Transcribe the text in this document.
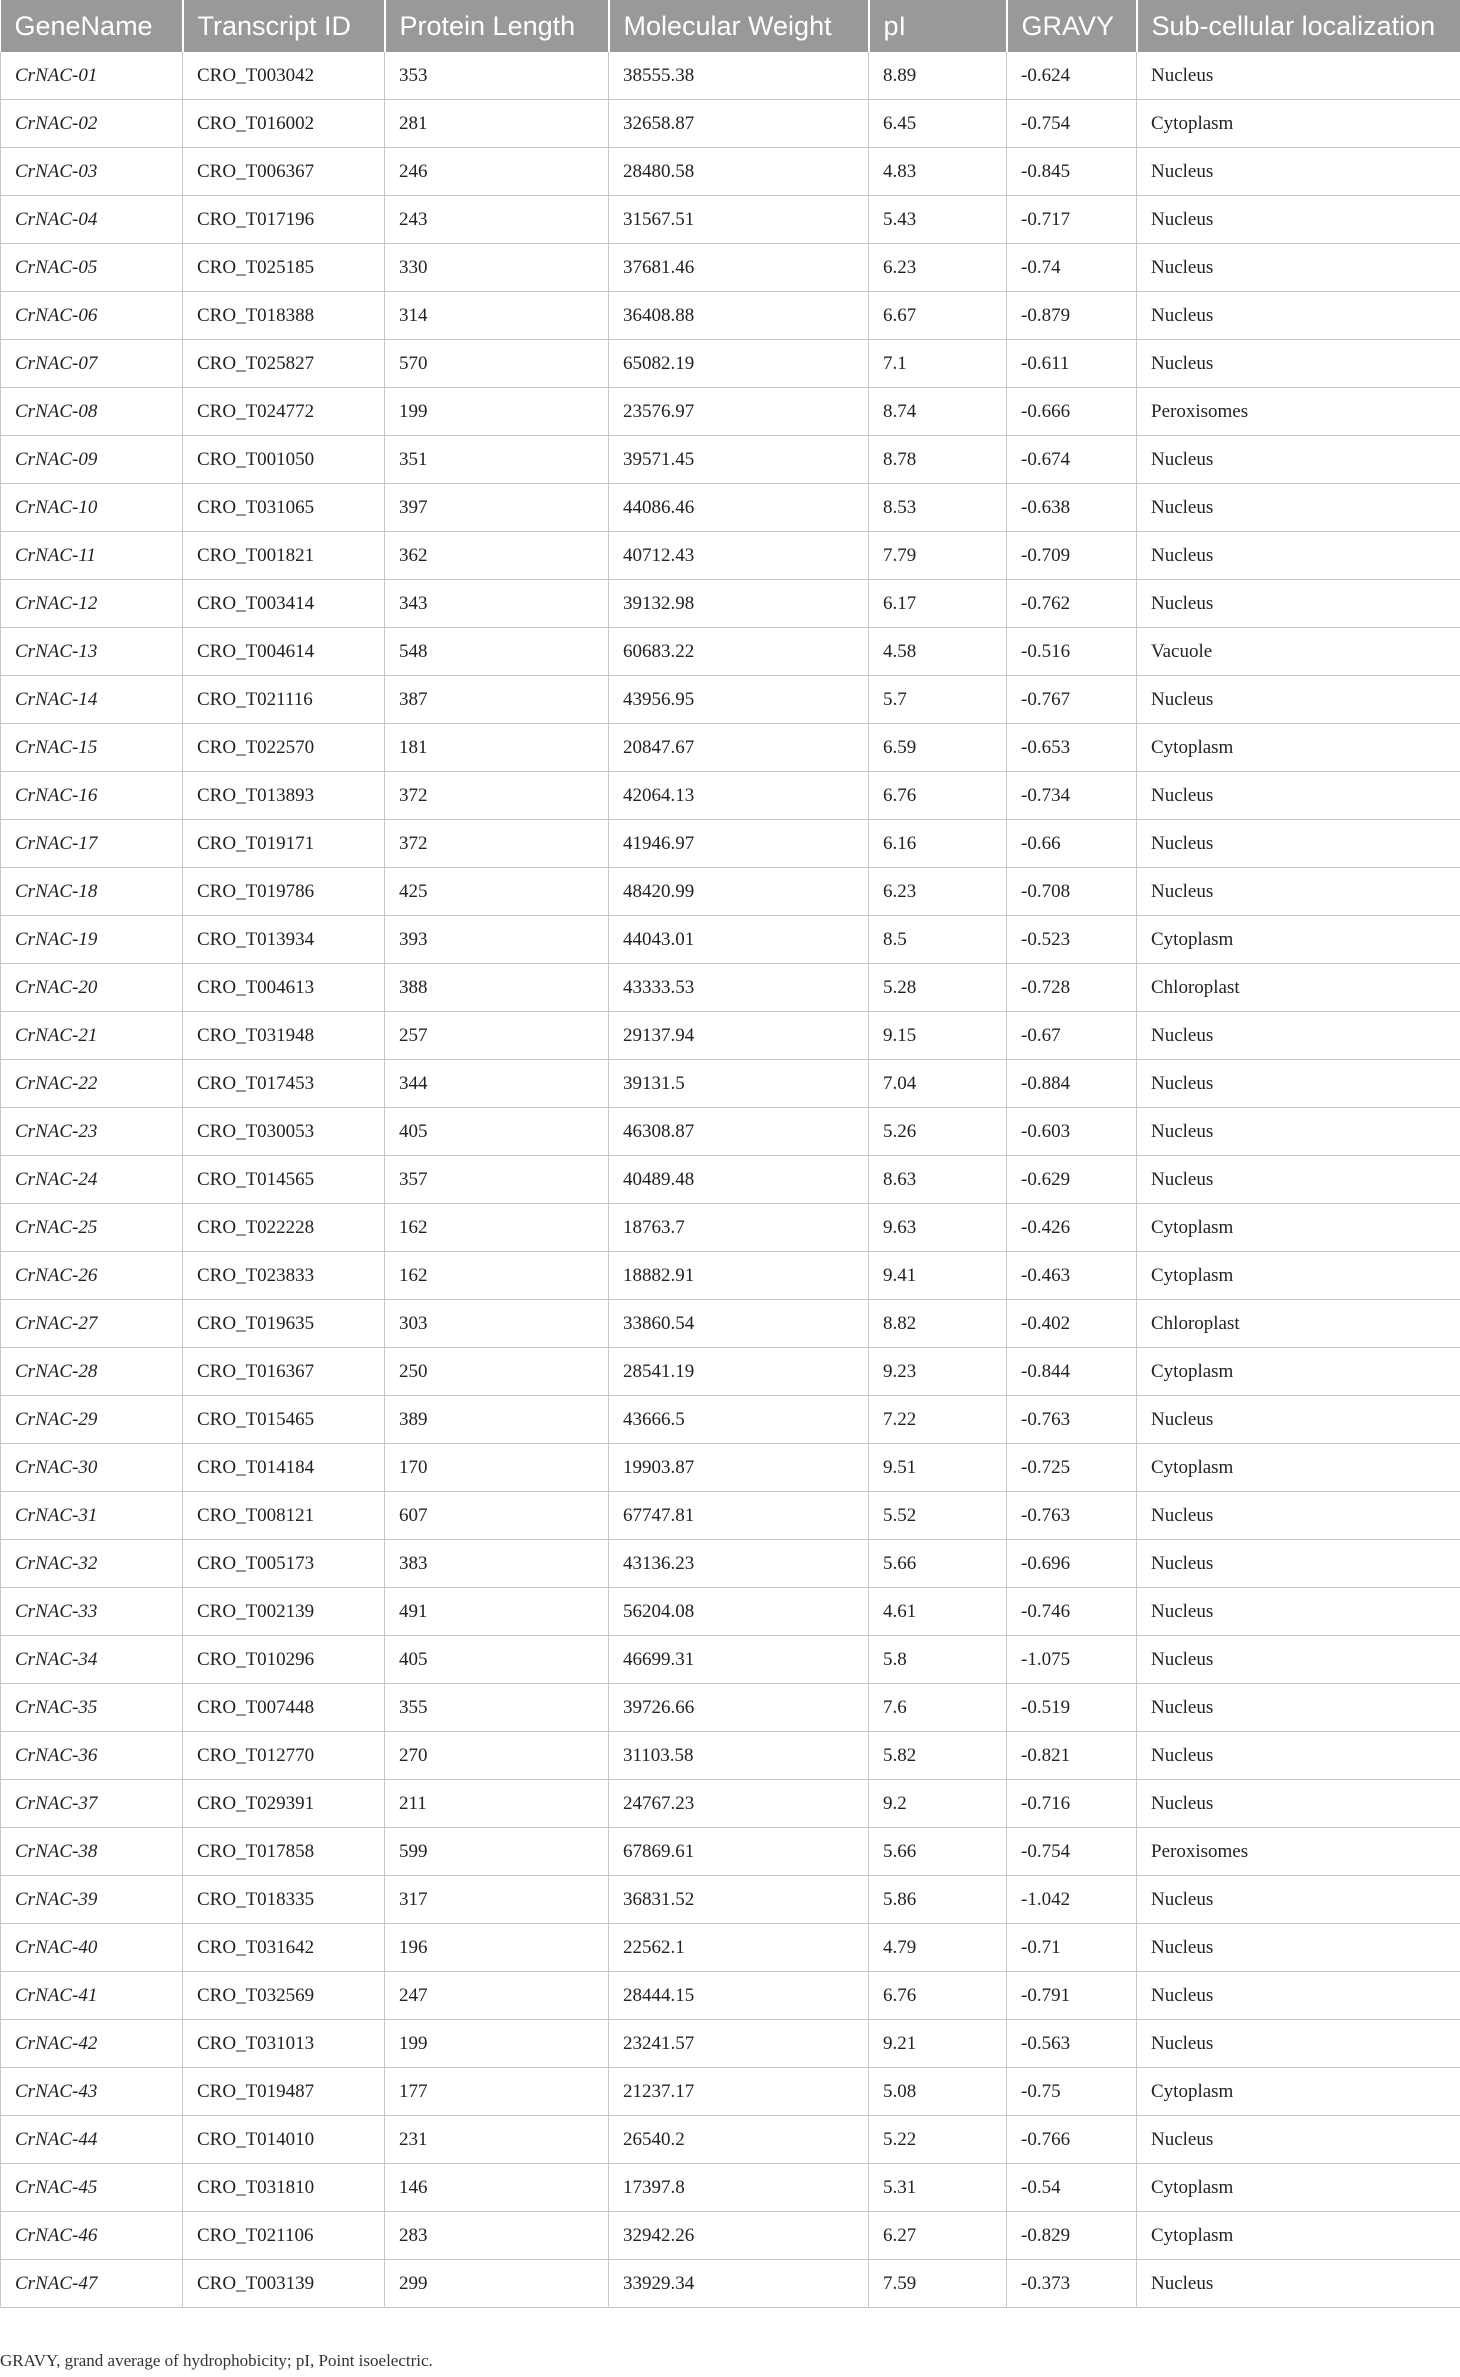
GeneName	Transcript ID	Protein Length	Molecular Weight	pI	GRAVY	Sub-cellular localization
CrNAC-01	CRO_T003042	353	38555.38	8.89	-0.624	Nucleus
CrNAC-02	CRO_T016002	281	32658.87	6.45	-0.754	Cytoplasm
CrNAC-03	CRO_T006367	246	28480.58	4.83	-0.845	Nucleus
CrNAC-04	CRO_T017196	243	31567.51	5.43	-0.717	Nucleus
CrNAC-05	CRO_T025185	330	37681.46	6.23	-0.74	Nucleus
CrNAC-06	CRO_T018388	314	36408.88	6.67	-0.879	Nucleus
CrNAC-07	CRO_T025827	570	65082.19	7.1	-0.611	Nucleus
CrNAC-08	CRO_T024772	199	23576.97	8.74	-0.666	Peroxisomes
CrNAC-09	CRO_T001050	351	39571.45	8.78	-0.674	Nucleus
CrNAC-10	CRO_T031065	397	44086.46	8.53	-0.638	Nucleus
CrNAC-11	CRO_T001821	362	40712.43	7.79	-0.709	Nucleus
CrNAC-12	CRO_T003414	343	39132.98	6.17	-0.762	Nucleus
CrNAC-13	CRO_T004614	548	60683.22	4.58	-0.516	Vacuole
CrNAC-14	CRO_T021116	387	43956.95	5.7	-0.767	Nucleus
CrNAC-15	CRO_T022570	181	20847.67	6.59	-0.653	Cytoplasm
CrNAC-16	CRO_T013893	372	42064.13	6.76	-0.734	Nucleus
CrNAC-17	CRO_T019171	372	41946.97	6.16	-0.66	Nucleus
CrNAC-18	CRO_T019786	425	48420.99	6.23	-0.708	Nucleus
CrNAC-19	CRO_T013934	393	44043.01	8.5	-0.523	Cytoplasm
CrNAC-20	CRO_T004613	388	43333.53	5.28	-0.728	Chloroplast
CrNAC-21	CRO_T031948	257	29137.94	9.15	-0.67	Nucleus
CrNAC-22	CRO_T017453	344	39131.5	7.04	-0.884	Nucleus
CrNAC-23	CRO_T030053	405	46308.87	5.26	-0.603	Nucleus
CrNAC-24	CRO_T014565	357	40489.48	8.63	-0.629	Nucleus
CrNAC-25	CRO_T022228	162	18763.7	9.63	-0.426	Cytoplasm
CrNAC-26	CRO_T023833	162	18882.91	9.41	-0.463	Cytoplasm
CrNAC-27	CRO_T019635	303	33860.54	8.82	-0.402	Chloroplast
CrNAC-28	CRO_T016367	250	28541.19	9.23	-0.844	Cytoplasm
CrNAC-29	CRO_T015465	389	43666.5	7.22	-0.763	Nucleus
CrNAC-30	CRO_T014184	170	19903.87	9.51	-0.725	Cytoplasm
CrNAC-31	CRO_T008121	607	67747.81	5.52	-0.763	Nucleus
CrNAC-32	CRO_T005173	383	43136.23	5.66	-0.696	Nucleus
CrNAC-33	CRO_T002139	491	56204.08	4.61	-0.746	Nucleus
CrNAC-34	CRO_T010296	405	46699.31	5.8	-1.075	Nucleus
CrNAC-35	CRO_T007448	355	39726.66	7.6	-0.519	Nucleus
CrNAC-36	CRO_T012770	270	31103.58	5.82	-0.821	Nucleus
CrNAC-37	CRO_T029391	211	24767.23	9.2	-0.716	Nucleus
CrNAC-38	CRO_T017858	599	67869.61	5.66	-0.754	Peroxisomes
CrNAC-39	CRO_T018335	317	36831.52	5.86	-1.042	Nucleus
CrNAC-40	CRO_T031642	196	22562.1	4.79	-0.71	Nucleus
CrNAC-41	CRO_T032569	247	28444.15	6.76	-0.791	Nucleus
CrNAC-42	CRO_T031013	199	23241.57	9.21	-0.563	Nucleus
CrNAC-43	CRO_T019487	177	21237.17	5.08	-0.75	Cytoplasm
CrNAC-44	CRO_T014010	231	26540.2	5.22	-0.766	Nucleus
CrNAC-45	CRO_T031810	146	17397.8	5.31	-0.54	Cytoplasm
CrNAC-46	CRO_T021106	283	32942.26	6.27	-0.829	Cytoplasm
CrNAC-47	CRO_T003139	299	33929.34	7.59	-0.373	Nucleus
GRAVY, grand average of hydrophobicity; pI, Point isoelectric.
